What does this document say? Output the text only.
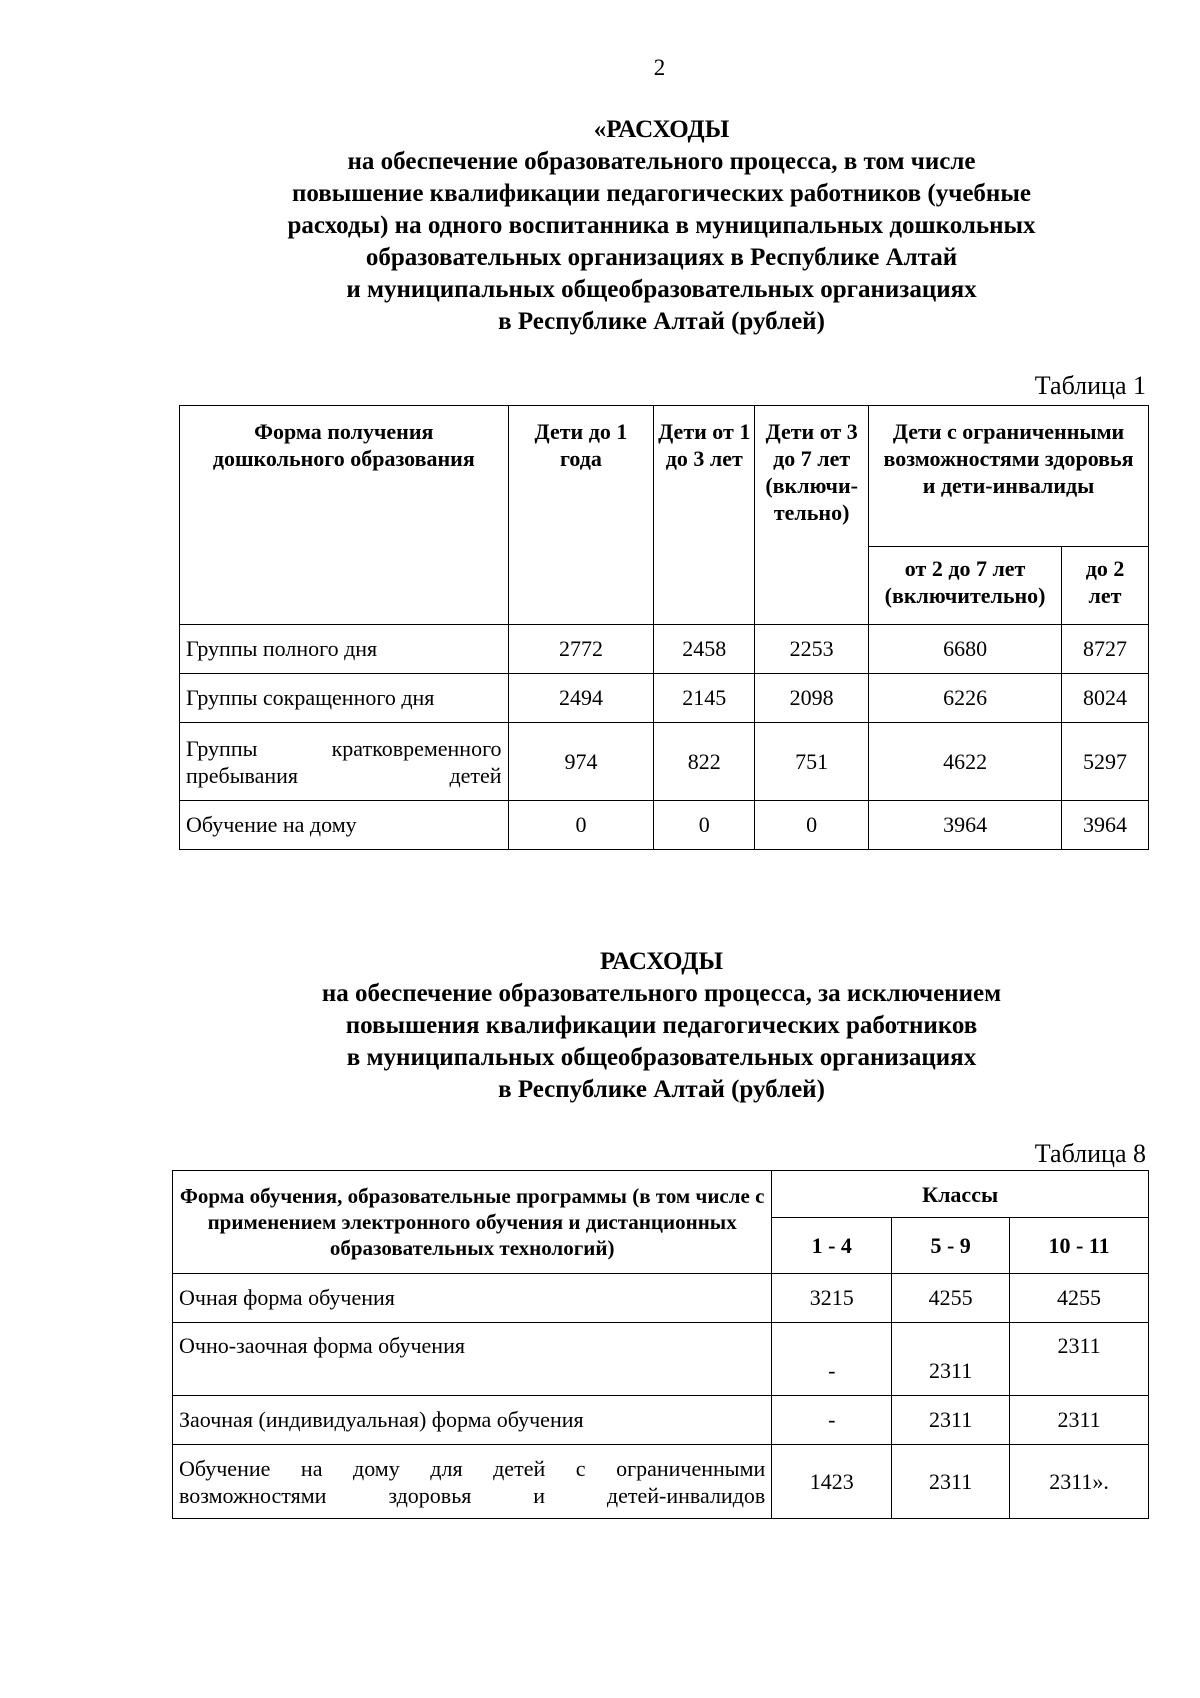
2
«РАСХОДЫ
на обеспечение образовательного процесса, в том числе
повышение квалификации педагогических работников (учебные
расходы) на одного воспитанника в муниципальных дошкольных
образовательных организациях в Республике Алтай
и муниципальных общеобразовательных организациях
в Республике Алтай (рублей)
Таблица 1
Форма получения дошкольного образования	Дети до 1 года	Дети от 1 до 3 лет	Дети от 3 до 7 лет (включи-тельно)	Дети с ограниченными возможностями здоровья и дети-инвалиды	
				от 2 до 7 лет (включительно)	до 2 лет
Группы полного дня	2772	2458	2253	6680	8727
Группы сокращенного дня	2494	2145	2098	6226	8024
Группы кратковременного пребывания детей	974	822	751	4622	5297
Обучение на дому	0	0	0	3964	3964
РАСХОДЫ
на обеспечение образовательного процесса, за исключением
повышения квалификации педагогических работников
в муниципальных общеобразовательных организациях
в Республике Алтай (рублей)
Таблица 8
Форма обучения, образовательные программы (в том числе с применением электронного обучения и дистанционных образовательных технологий)	Классы		
	1 - 4	5 - 9	10 - 11
Очная форма обучения	3215	4255	4255
Очно-заочная форма обучения	-	2311	2311
Заочная (индивидуальная) форма обучения	-	2311	2311
Обучение на дому для детей с ограниченными возможностями здоровья и детей-инвалидов	1423	2311	2311».
